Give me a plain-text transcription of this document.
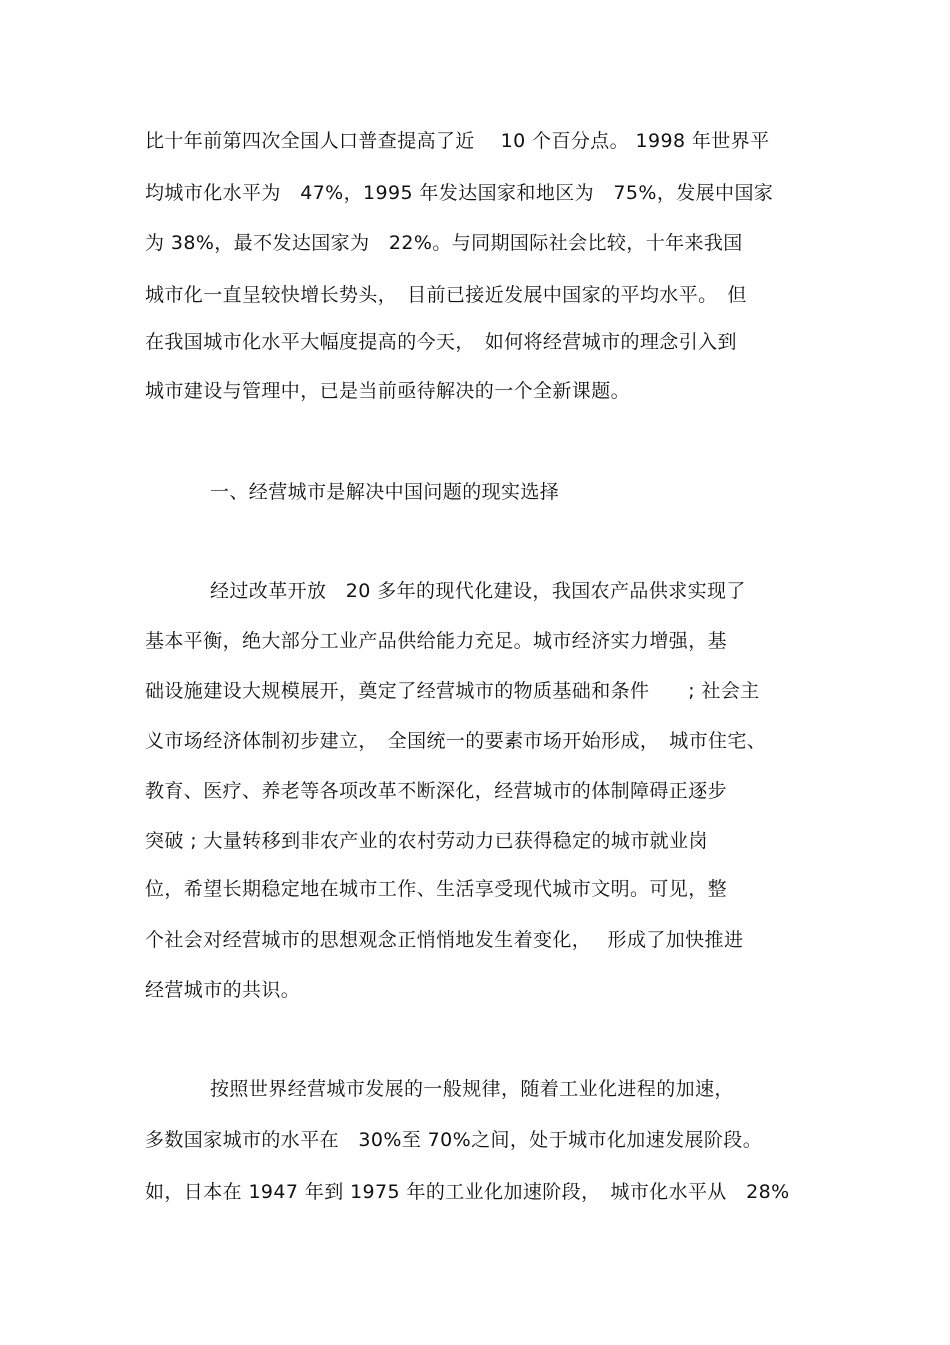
比十年前第四次全国人口普查提高了近　 10 个百分点。 1998 年世界平
均城市化水平为　47%，1995 年发达国家和地区为　75%，发展中国家
为 38%，最不发达国家为　22%。与同期国际社会比较，十年来我国
城市化一直呈较快增长势头，　目前已接近发展中国家的平均水平。　但
在我国城市化水平大幅度提高的今天，　如何将经营城市的理念引入到
城市建设与管理中，已是当前亟待解决的一个全新课题。
一、经营城市是解决中国问题的现实选择
经过改革开放　20 多年的现代化建设，我国农产品供求实现了
基本平衡，绝大部分工业产品供给能力充足。城市经济实力增强，基
础设施建设大规模展开，奠定了经营城市的物质基础和条件　　; 社会主
义市场经济体制初步建立，　全国统一的要素市场开始形成，　城市住宅、
教育、医疗、养老等各项改革不断深化，经营城市的体制障碍正逐步
突破 ; 大量转移到非农产业的农村劳动力已获得稳定的城市就业岗
位，希望长期稳定地在城市工作、生活享受现代城市文明。可见，整
个社会对经营城市的思想观念正悄悄地发生着变化，　 形成了加快推进
经营城市的共识。
按照世界经营城市发展的一般规律，随着工业化进程的加速，
多数国家城市的水平在　30%至 70%之间，处于城市化加速发展阶段。
如，日本在 1947 年到 1975 年的工业化加速阶段，　城市化水平从　28%
